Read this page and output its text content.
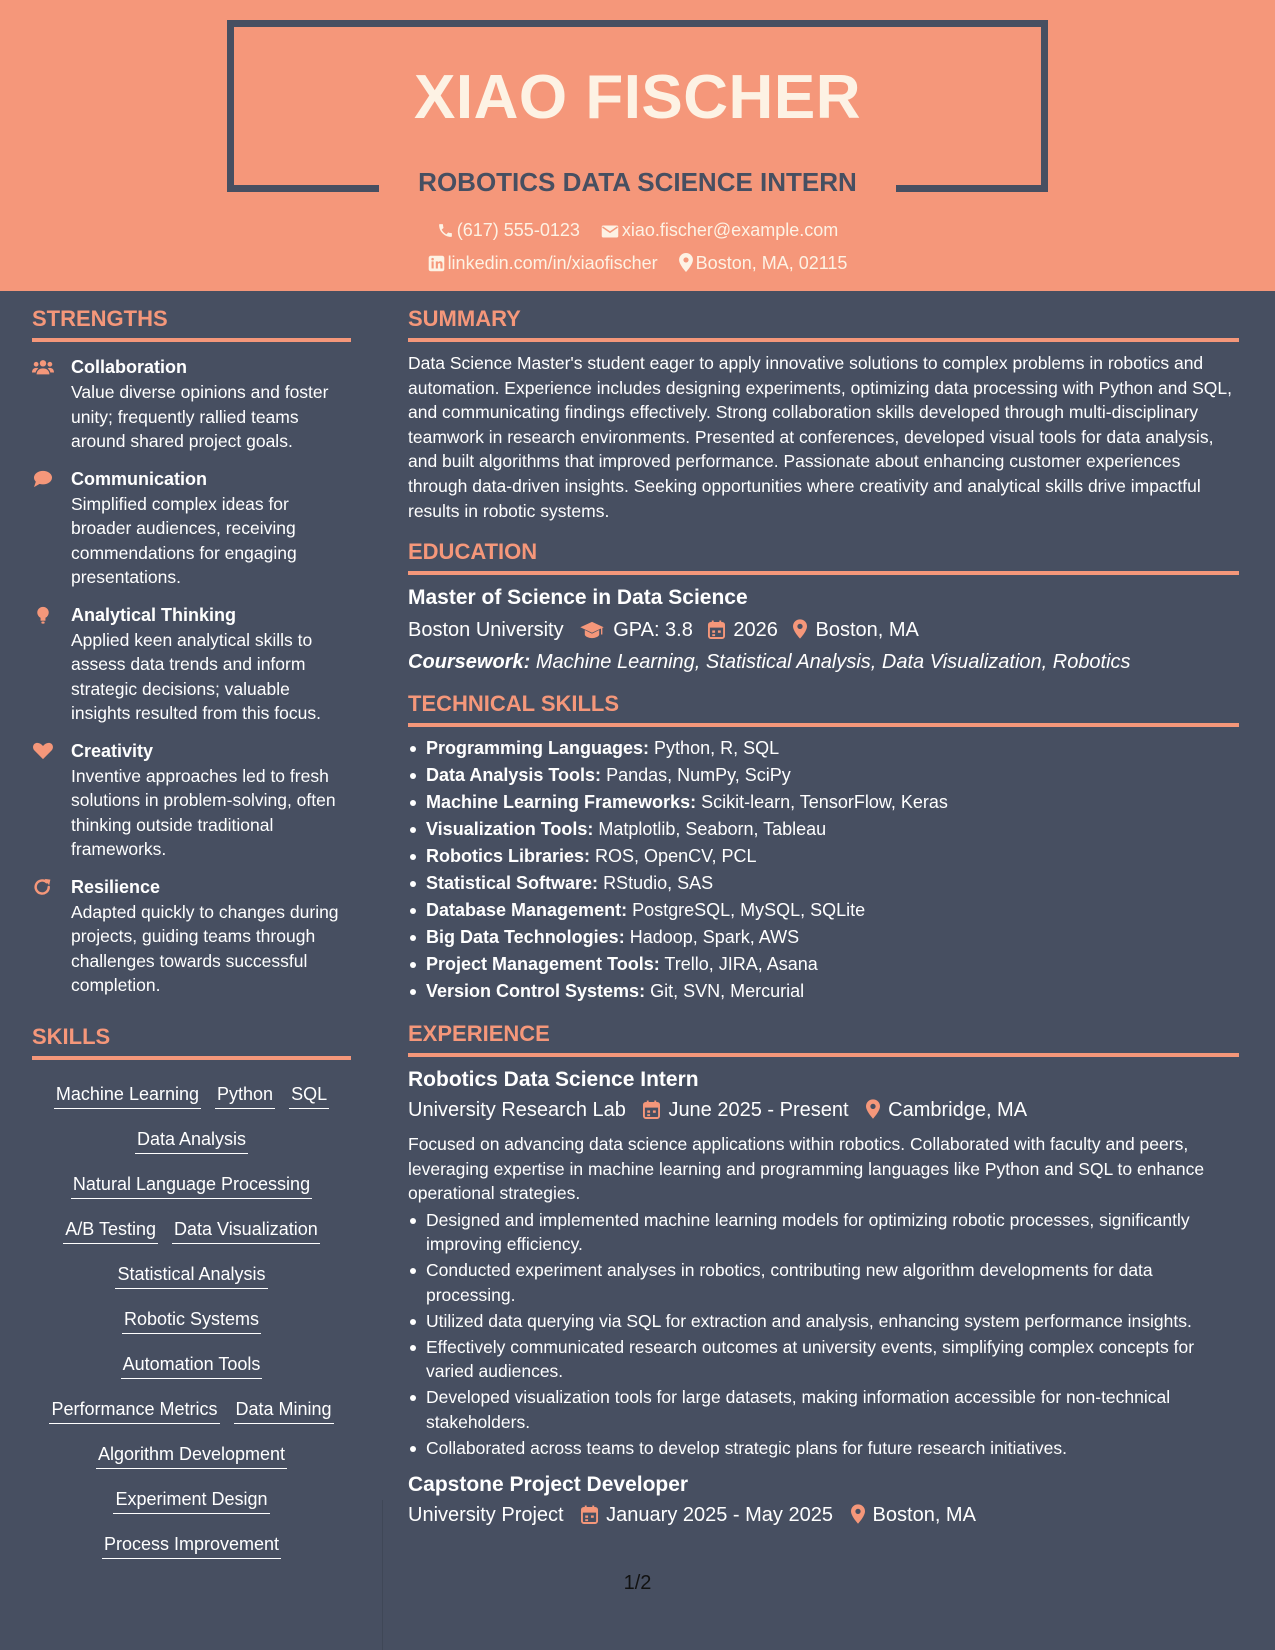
XIAO FISCHER
ROBOTICS DATA SCIENCE INTERN
(617) 555-0123 xiao.fischer@example.com
linkedin.com/in/xiaofischer Boston, MA, 02115
STRENGTHS
Collaboration
Value diverse opinions and foster unity; frequently rallied teams around shared project goals.
Communication
Simplified complex ideas for broader audiences, receiving commendations for engaging presentations.
Analytical Thinking
Applied keen analytical skills to assess data trends and inform strategic decisions; valuable insights resulted from this focus.
Creativity
Inventive approaches led to fresh solutions in problem-solving, often thinking outside traditional frameworks.
Resilience
Adapted quickly to changes during projects, guiding teams through challenges towards successful completion.
SKILLS
Machine Learning Python SQL
Data Analysis
Natural Language Processing
A/B Testing Data Visualization
Statistical Analysis
Robotic Systems
Automation Tools
Performance Metrics Data Mining
Algorithm Development
Experiment Design
Process Improvement
SUMMARY
Data Science Master's student eager to apply innovative solutions to complex problems in robotics and automation. Experience includes designing experiments, optimizing data processing with Python and SQL, and communicating findings effectively. Strong collaboration skills developed through multi-disciplinary teamwork in research environments. Presented at conferences, developed visual tools for data analysis, and built algorithms that improved performance. Passionate about enhancing customer experiences through data-driven insights. Seeking opportunities where creativity and analytical skills drive impactful results in robotic systems.
EDUCATION
Master of Science in Data Science
Boston University GPA: 3.8 2026 Boston, MA
Coursework: Machine Learning, Statistical Analysis, Data Visualization, Robotics
TECHNICAL SKILLS
Programming Languages: Python, R, SQL
Data Analysis Tools: Pandas, NumPy, SciPy
Machine Learning Frameworks: Scikit-learn, TensorFlow, Keras
Visualization Tools: Matplotlib, Seaborn, Tableau
Robotics Libraries: ROS, OpenCV, PCL
Statistical Software: RStudio, SAS
Database Management: PostgreSQL, MySQL, SQLite
Big Data Technologies: Hadoop, Spark, AWS
Project Management Tools: Trello, JIRA, Asana
Version Control Systems: Git, SVN, Mercurial
EXPERIENCE
Robotics Data Science Intern
University Research Lab June 2025 - Present Cambridge, MA
Focused on advancing data science applications within robotics. Collaborated with faculty and peers, leveraging expertise in machine learning and programming languages like Python and SQL to enhance operational strategies.
Designed and implemented machine learning models for optimizing robotic processes, significantly improving efficiency.
Conducted experiment analyses in robotics, contributing new algorithm developments for data processing.
Utilized data querying via SQL for extraction and analysis, enhancing system performance insights.
Effectively communicated research outcomes at university events, simplifying complex concepts for varied audiences.
Developed visualization tools for large datasets, making information accessible for non-technical stakeholders.
Collaborated across teams to develop strategic plans for future research initiatives.
Capstone Project Developer
University Project January 2025 - May 2025 Boston, MA
1/2
